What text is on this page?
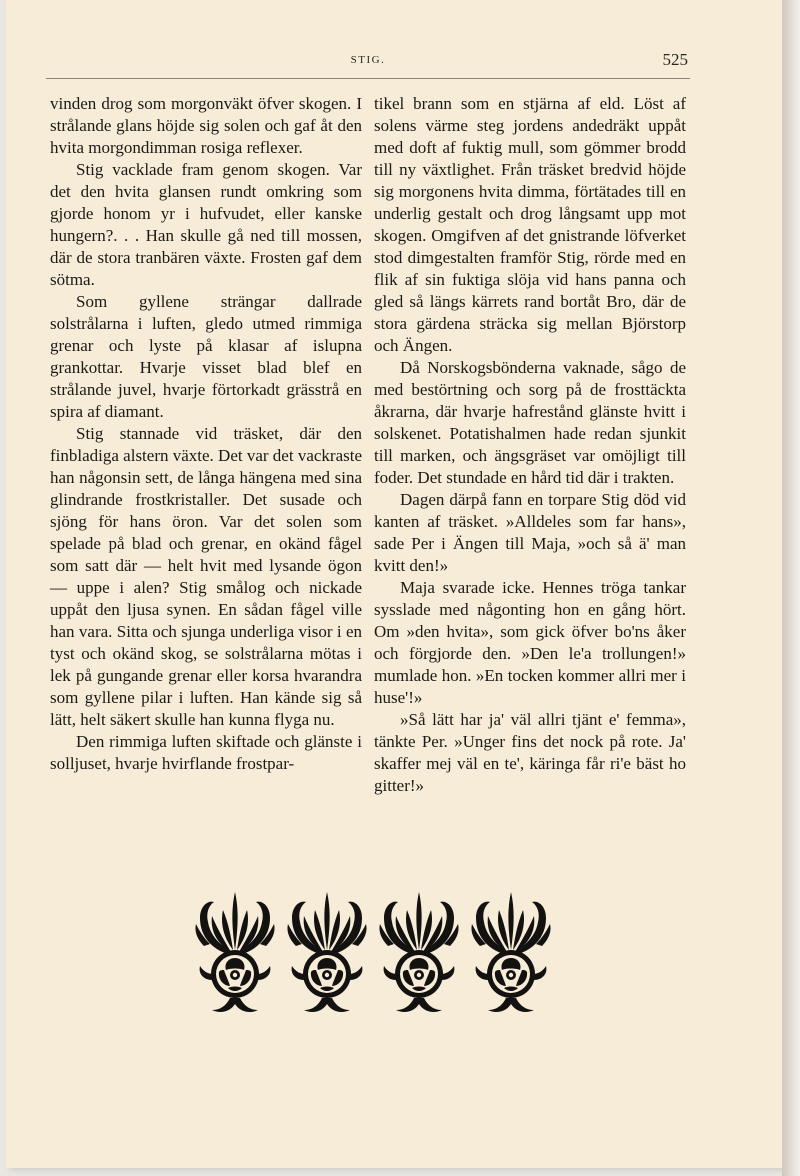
STIG.	525

vinden drog som morgonväkt öfver skogen. I strålande glans höjde sig solen och gaf åt den hvita morgondimman rosiga reflexer.

Stig vacklade fram genom skogen. Var det den hvita glansen rundt omkring som gjorde honom yr i hufvudet, eller kanske hungern?. . . Han skulle gå ned till mossen, där de stora tranbären växte. Frosten gaf dem sötma.

Som gyllene strängar dallrade solstrålarna i luften, gledo utmed rimmiga grenar och lyste på klasar af islupna grankottar. Hvarje visset blad blef en strålande juvel, hvarje förtorkadt grässtrå en spira af diamant.

Stig stannade vid träsket, där den finbladiga alstern växte. Det var det vackraste han någonsin sett, de långa hängena med sina glindrande frostkristaller. Det susade och sjöng för hans öron. Var det solen som spelade på blad och grenar, en okänd fågel som satt där — helt hvit med lysande ögon — uppe i alen? Stig smålog och nickade uppåt den ljusa synen. En sådan fågel ville han vara. Sitta och sjunga underliga visor i en tyst och okänd skog, se solstrålarna mötas i lek på gungande grenar eller korsa hvarandra som gyllene pilar i luften. Han kände sig så lätt, helt säkert skulle han kunna flyga nu.

Den rimmiga luften skiftade och glänste i solljuset, hvarje hvirflande frostpar-

tikel brann som en stjärna af eld. Löst af solens värme steg jordens andedräkt uppåt med doft af fuktig mull, som gömmer brodd till ny växtlighet. Från träsket bredvid höjde sig morgonens hvita dimma, förtätades till en underlig gestalt och drog långsamt upp mot skogen. Omgifven af det gnistrande löfverket stod dimgestalten framför Stig, rörde med en flik af sin fuktiga slöja vid hans panna och gled så längs kärrets rand bortåt Bro, där de stora gärdena sträcka sig mellan Björstorp och Ängen.

Då Norskogsbönderna vaknade, sågo de med bestörtning och sorg på de frosttäckta åkrarna, där hvarje hafrestånd glänste hvitt i solskenet. Potatishalmen hade redan sjunkit till marken, och ängsgräset var omöjligt till foder. Det stundade en hård tid där i trakten.

Dagen därpå fann en torpare Stig död vid kanten af träsket. »Alldeles som far hans», sade Per i Ängen till Maja, »och så ä' man kvitt den!»

Maja svarade icke. Hennes tröga tankar sysslade med någonting hon en gång hört. Om »den hvita», som gick öfver bo'ns åker och förgjorde den. »Den le'a trollungen!» mumlade hon. »En tocken kommer allri mer i huse'!»

»Så lätt har ja' väl allri tjänt e' femma», tänkte Per. »Unger fins det nock på rote. Ja' skaffer mej väl en te', käringa får ri'e bäst ho gitter!»
